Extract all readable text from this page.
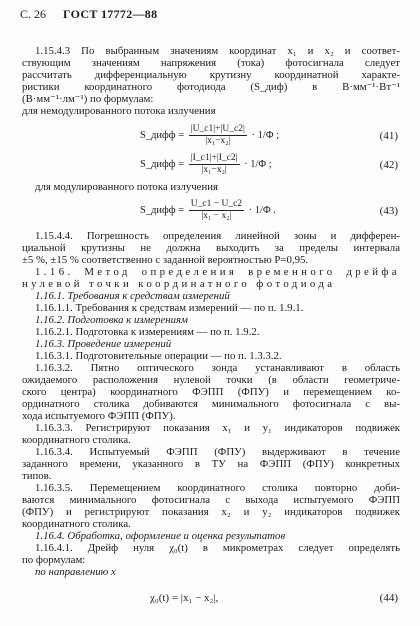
С. 26 ГОСТ 17772—88
1.15.4.3 По выбранным значениям координат x₁ и x₂ и соответ-
ствующим значениям напряжения (тока) фотосигнала следует
рассчитать дифференциальную крутизну координатной характе-
ристики координатного фотодиода (S_диф) в В·мм⁻¹·Вт⁻¹
(В·мм⁻¹·лм⁻¹) по формулам:
для немодулированного потока излучения
S_дифф = $\frac{|U\_c1|+|U\_c2|}{\text{|x₁−x₂|}} \cdot 1/\Phi$ ;	(41)
S_дифф = $\frac{|I\_c1|+|I\_c2|}{\text{|x₁−x₂|}} \cdot 1/\Phi$ ;	(42)
для модулированного потока излучения
S_дифф = $\frac{U\_c1 - U\_c2}{\text{|x₁ − x₂|}} \cdot 1/\Phi$ .	(43)
1.15.4.4. Погрешность определения линейной зоны и дифферен-
циальной крутизны не должна выходить за пределы интервала
±5 %, ±15 % соответственно с заданной вероятностью P=0,95.
1.16. Метод определения временного дрейфа
нулевой точки координатного фотодиода
1.16.1. Требования к средствам измерений
1.16.1.1. Требования к средствам измерений — по п. 1.9.1.
1.16.2. Подготовка к измерениям
1.16.2.1. Подготовка к измерениям — по п. 1.9.2.
1.16.3. Проведение измерений
1.16.3.1. Подготовительные операции — по п. 1.3.3.2.
1.16.3.2. Пятно оптического зонда устанавливают в область
ожидаемого расположения нулевой точки (в области геометриче-
ского центра) координатного ФЭПП (ФПУ) и перемещением ко-
ординатного столика добиваются минимального фотосигнала с вы-
хода испытуемого ФЭПП (ФПУ).
1.16.3.3. Регистрируют показания x₁ и y₁ индикаторов подвижек
координатного столика.
1.16.3.4. Испытуемый ФЭПП (ФПУ) выдерживают в течение
заданного времени, указанного в ТУ на ФЭПП (ФПУ) конкретных
типов.
1.16.3.5. Перемещением координатного столика повторно доби-
ваются минимального фотосигнала с выхода испытуемого ФЭПП
(ФПУ) и регистрируют показания x₂ и y₂ индикаторов подвижек
координатного столика.
1.16.4. Обработка, оформление и оценка результатов
1.16.4.1. Дрейф нуля χ₀(t) в микрометрах следует определять
по формулам:
по направлению x
χ₀(t) = |x₁ − x₂|,	(44)
